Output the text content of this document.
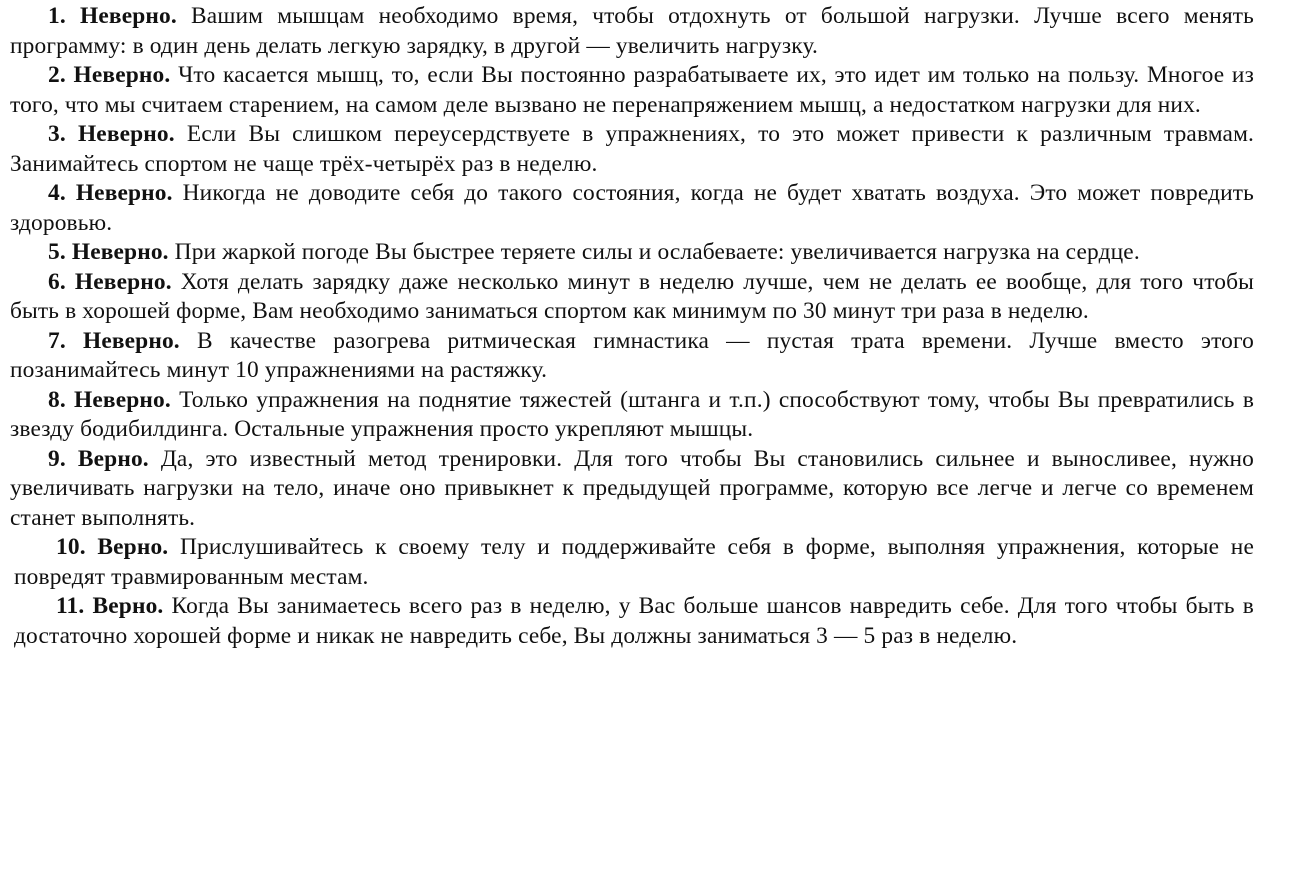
1. Неверно. Вашим мышцам необходимо время, чтобы отдохнуть от большой нагрузки. Лучше всего менять программу: в один день делать легкую зарядку, в другой — увеличить нагрузку.

2. Неверно. Что касается мышц, то, если Вы постоянно разрабатываете их, это идет им только на пользу. Многое из того, что мы считаем старением, на самом деле вызвано не перенапряжением мышц, а недостатком нагрузки для них.

3. Неверно. Если Вы слишком переусердствуете в упражнениях, то это может привести к различным травмам. Занимайтесь спортом не чаще трёх-четырёх раз в неделю.

4. Неверно. Никогда не доводите себя до такого состояния, когда не будет хватать воздуха. Это может повредить здоровью.

5. Неверно. При жаркой погоде Вы быстрее теряете силы и ослабеваете: увеличивается нагрузка на сердце.

6. Неверно. Хотя делать зарядку даже несколько минут в неделю лучше, чем не делать ее вообще, для того чтобы быть в хорошей форме, Вам необходимо заниматься спортом как минимум по 30 минут три раза в неделю.

7. Неверно. В качестве разогрева ритмическая гимнастика — пустая трата времени. Лучше вместо этого позанимайтесь минут 10 упражнениями на растяжку.

8. Неверно. Только упражнения на поднятие тяжестей (штанга и т.п.) способствуют тому, чтобы Вы превратились в звезду бодибилдинга. Остальные упражнения просто укрепляют мышцы.

9. Верно. Да, это известный метод тренировки. Для того чтобы Вы становились сильнее и выносливее, нужно увеличивать нагрузки на тело, иначе оно привыкнет к предыдущей программе, которую все легче и легче со временем станет выполнять.

10. Верно. Прислушивайтесь к своему телу и поддерживайте себя в форме, выполняя упражнения, которые не повредят травмированным местам.

11. Верно. Когда Вы занимаетесь всего раз в неделю, у Вас больше шансов навредить себе. Для того чтобы быть в достаточно хорошей форме и никак не навредить себе, Вы должны заниматься 3 — 5 раз в неделю.
